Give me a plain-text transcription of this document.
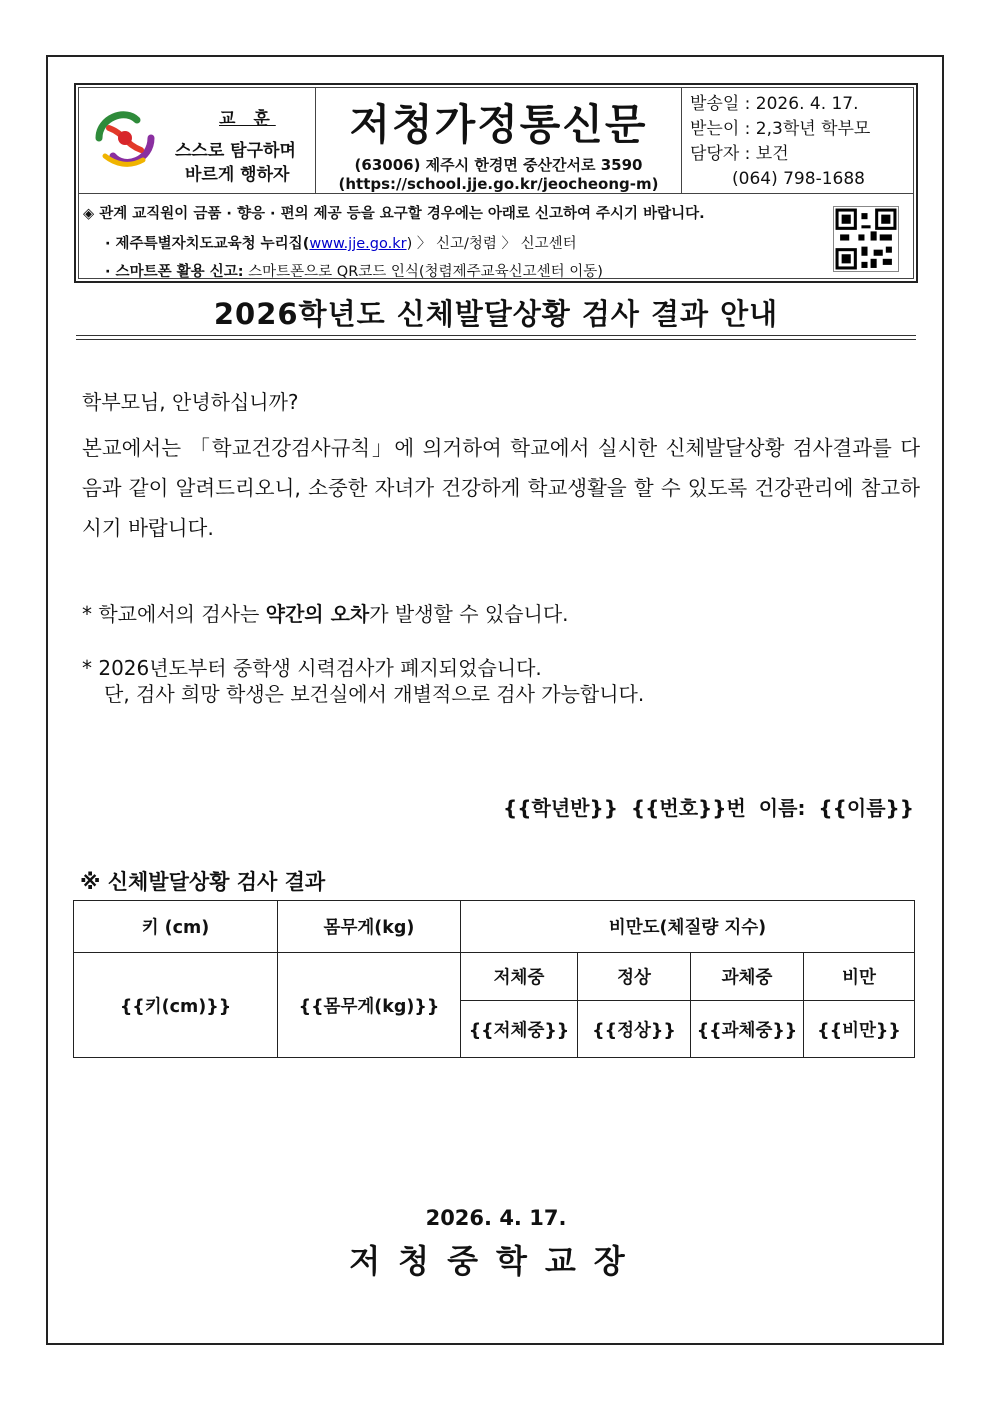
교 훈
스스로 탐구하며
바르게 행하자
저청가정통신문
(63006) 제주시 한경면 중산간서로 3590
(https://school.jje.go.kr/jeocheong-m)
발송일 : 2026. 4. 17.
받는이 : 2,3학년 학부모
담당자 : 보건
(064) 798-1688
◈ 관계 교직원이 금품 · 향응 · 편의 제공 등을 요구할 경우에는 아래로 신고하여 주시기 바랍니다.
· 제주특별자치도교육청 누리집(www.jje.go.kr) 〉 신고/청렴 〉 신고센터
· 스마트폰 활용 신고: 스마트폰으로 QR코드 인식(청렴제주교육신고센터 이동)
2026학년도 신체발달상황 검사 결과 안내
학부모님, 안녕하십니까?
본교에서는 「학교건강검사규칙」에 의거하여 학교에서 실시한 신체발달상황 검사결과를 다음과 같이 알려드리오니, 소중한 자녀가 건강하게 학교생활을 할 수 있도록 건강관리에 참고하시기 바랍니다.
* 학교에서의 검사는 약간의 오차가 발생할 수 있습니다.
* 2026년도부터 중학생 시력검사가 폐지되었습니다.
단, 검사 희망 학생은 보건실에서 개별적으로 검사 가능합니다.
{{학년반}} {{번호}}번 이름: {{이름}}
※ 신체발달상황 검사 결과
키 (cm)	몸무게(kg)	비만도(체질량 지수)			
{{키(cm)}}	{{몸무게(kg)}}	저체중	정상	과체중	비만
		{{저체중}}	{{정상}}	{{과체중}}	{{비만}}
2026. 4. 17.
저청중학교장
